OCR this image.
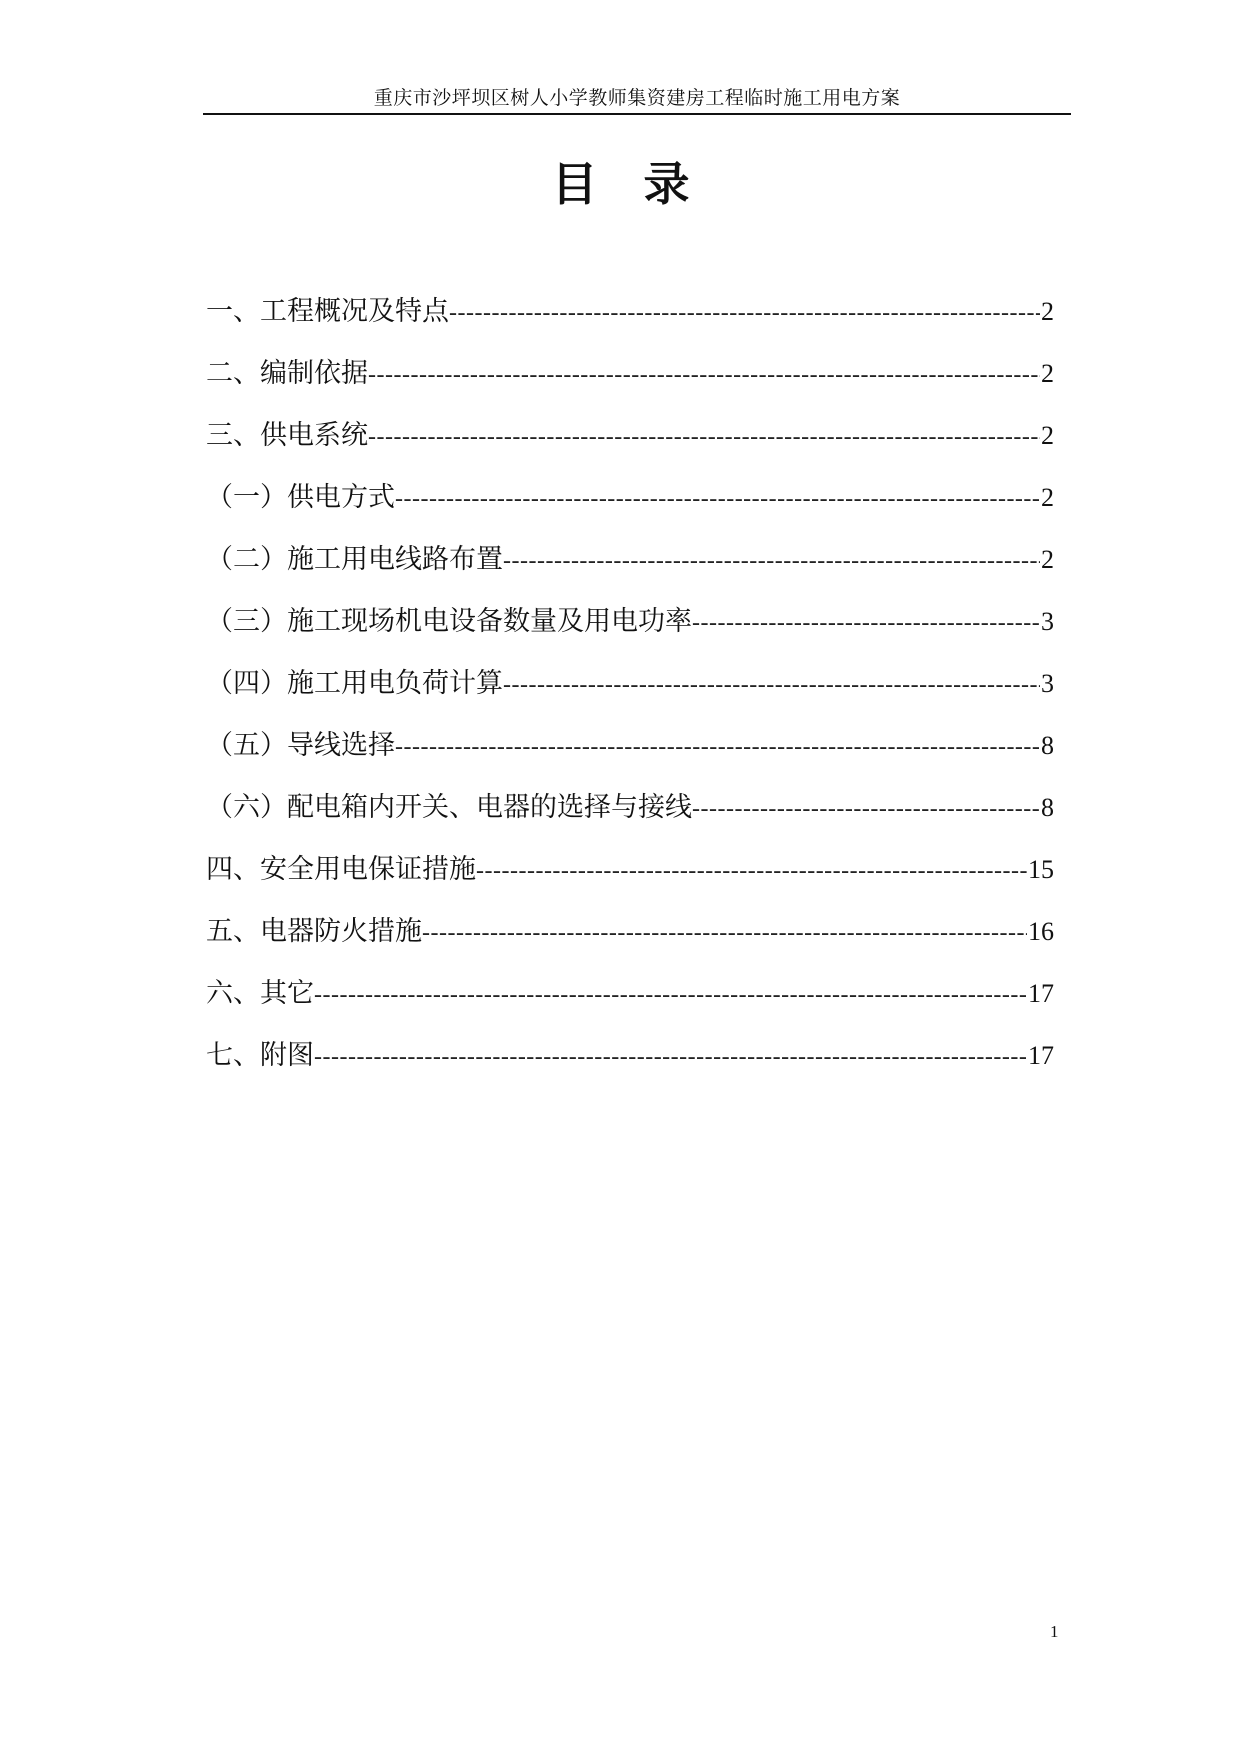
重庆市沙坪坝区树人小学教师集资建房工程临时施工用电方案
目录
一、工程概况及特点 -----	2
二、编制依据 -----	2
三、供电系统 -----	2
（一）供电方式 -----	2
（二）施工用电线路布置 -----	2
（三）施工现场机电设备数量及用电功率 -----	3
（四）施工用电负荷计算 -----	3
（五）导线选择 -----	8
（六）配电箱内开关、电器的选择与接线 -----	8
四、安全用电保证措施 -----	15
五、电器防火措施 -----	16
六、其它 -----	17
七、附图 -----	17
1
